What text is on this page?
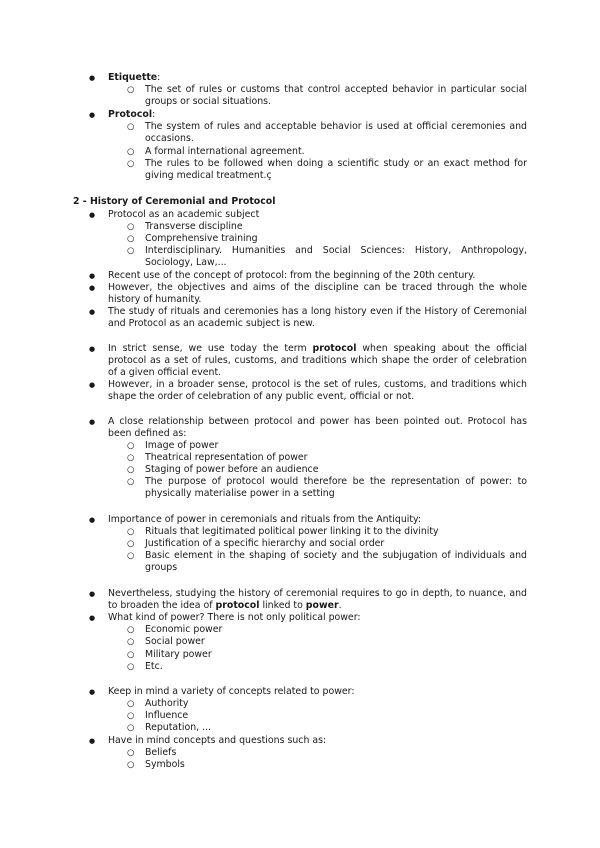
●	Etiquette:
○ The set of rules or customs that control accepted behavior in particular social groups or social situations.
●	Protocol:
○ The system of rules and acceptable behavior is used at official ceremonies and occasions.
○ A formal international agreement.
○ The rules to be followed when doing a scientific study or an exact method for giving medical treatment.ç
2 - History of Ceremonial and Protocol
●	Protocol as an academic subject
○ Transverse discipline
○ Comprehensive training
○ Interdisciplinary. Humanities and Social Sciences: History, Anthropology, Sociology, Law,...
●	Recent use of the concept of protocol: from the beginning of the 20th century.
●	However, the objectives and aims of the discipline can be traced through the whole history of humanity.
●	The study of rituals and ceremonies has a long history even if the History of Ceremonial and Protocol as an academic subject is new.
●	In strict sense, we use today the term protocol when speaking about the official protocol as a set of rules, customs, and traditions which shape the order of celebration of a given official event.
●	However, in a broader sense, protocol is the set of rules, customs, and traditions which shape the order of celebration of any public event, official or not.
●	A close relationship between protocol and power has been pointed out. Protocol has been defined as:
○ Image of power
○ Theatrical representation of power
○ Staging of power before an audience
○ The purpose of protocol would therefore be the representation of power: to physically materialise power in a setting
●	Importance of power in ceremonials and rituals from the Antiquity:
○ Rituals that legitimated political power linking it to the divinity
○ Justification of a specific hierarchy and social order
○ Basic element in the shaping of society and the subjugation of individuals and groups
●	Nevertheless, studying the history of ceremonial requires to go in depth, to nuance, and to broaden the idea of protocol linked to power.
●	What kind of power? There is not only political power:
○ Economic power
○ Social power
○ Military power
○ Etc.
●	Keep in mind a variety of concepts related to power:
○ Authority
○ Influence
○ Reputation, ...
●	Have in mind concepts and questions such as:
○ Beliefs
○ Symbols
